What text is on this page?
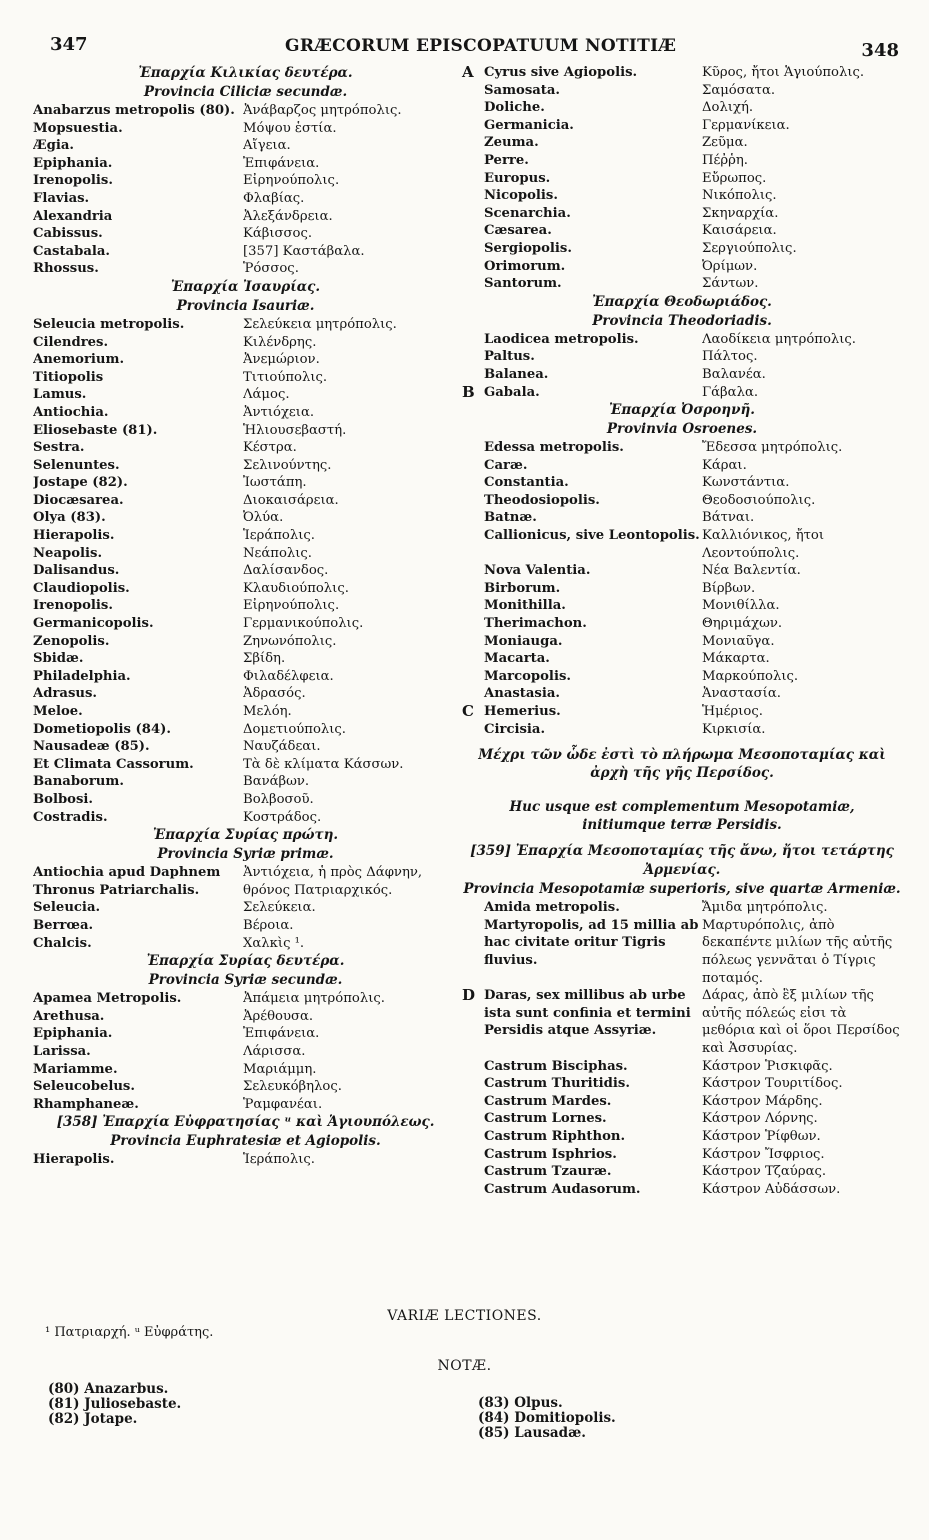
347	GRÆCORUM EPISCOPATUUM NOTITIÆ	348
Ἐπαρχία Κιλικίας δευτέρα.
Provincia Ciliciæ secundæ.
Anabarzus metropolis (80). Ἀνάβαρζος μητρόπολις.
Mopsuestia.	Μόψου ἑστία.
Ægia.	Αἴγεια.
Epiphania.	Ἐπιφάνεια.
Irenopolis.	Εἰρηνούπολις.
Flavias.	Φλαβίας.
Alexandria	Ἀλεξάνδρεια.
Cabissus.	Κάβισσος.
Castabala.	[357] Καστάβαλα.
Rhossus.	Ῥόσσος.
Ἐπαρχία Ἰσαυρίας.
Provincia Isauriæ.
Seleucia metropolis.	Σελεύκεια μητρόπολις.
Cilendres.	Κιλένδρης.
Anemorium.	Ἀνεμώριον.
Titiopolis	Τιτιούπολις.
Lamus.	Λάμος.
Antiochia.	Ἀντιόχεια.
Eliosebaste (81).	Ἡλιουσεβαστή.
Sestra.	Κέστρα.
Selenuntes.	Σελινούντης.
Jostape (82).	Ἰωστάπη.
Diocæsarea.	Διοκαισάρεια.
Olya (83).	Ὀλύα.
Hierapolis.	Ἱεράπολις.
Neapolis.	Νεάπολις.
Dalisandus.	Δαλίσανδος.
Claudiopolis.	Κλαυδιούπολις.
Irenopolis.	Εἰρηνούπολις.
Germanicopolis.	Γερμανικούπολις.
Zenopolis.	Ζηνωνόπολις.
Sbidæ.	Σβίδη.
Philadelphia.	Φιλαδέλφεια.
Adrasus.	Ἀδρασός.
Meloe.	Μελόη.
Dometiopolis (84).	Δομετιούπολις.
Nausadeæ (85).	Ναυζάδεαι.
Et Climata Cassorum.	Τὰ δὲ κλίματα Κάσσων.
Banaborum.	Βανάβων.
Bolbosi.	Βολβοσοῦ.
Costradis.	Κοστράδος.
Ἐπαρχία Συρίας πρώτη.
Provincia Syriæ primæ.
Antiochia apud Daphnem Thronus Patriarchalis.
Ἀντιόχεια, ἡ πρὸς Δάφνην, θρόνος Πατριαρχικός.
Seleucia.	Σελεύκεια.
Berrœa.	Βέροια.
Chalcis.	Χαλκὶς ¹.
Ἐπαρχία Συρίας δευτέρα.
Provincia Syriæ secundæ.
Apamea Metropolis.	Ἀπάμεια μητρόπολις.
Arethusa.	Ἀρέθουσα.
Epiphania.	Ἐπιφάνεια.
Larissa.	Λάρισσα.
Mariamme.	Μαριάμμη.
Seleucobelus.	Σελευκόβηλος.
Rhamphaneæ.	Ῥαμφανέαι.
[358] Ἐπαρχία Εὐφρατησίας ᵘ καὶ Ἁγιουπόλεως.
Provincia Euphratesiæ et Agiopolis.
Hierapolis.	Ἱεράπολις.
A Cyrus sive Agiopolis.	Κῦρος, ἤτοι Ἁγιούπολις.
Samosata.	Σαμόσατα.
Doliche.	Δολιχή.
Germanicia.	Γερμανίκεια.
Zeuma.	Ζεῦμα.
Perre.	Πέῤῥη.
Europus.	Εὔρωπος.
Nicopolis.	Νικόπολις.
Scenarchia.	Σκηναρχία.
Cæsarea.	Καισάρεια.
Sergiopolis.	Σεργιούπολις.
Orimorum.	Ὀρίμων.
Santorum.	Σάντων.
Ἐπαρχία Θεοδωριάδος.
Provincia Theodoriadis.
Laodicea metropolis.	Λαοδίκεια μητρόπολις.
Paltus.	Πάλτος.
Balanea.	Βαλανέα.
B Gabala.	Γάβαλα.
Ἐπαρχία Ὀσροηνῆ.
Provinvia Osroenes.
Edessa metropolis.	Ἔδεσσα μητρόπολις.
Caræ.	Κάραι.
Constantia.	Κωνστάντια.
Theodosiopolis.	Θεοδοσιούπολις.
Batnæ.	Βάτναι.
Callionicus, sive Leontopolis. Καλλιόνικος, ἤτοι Λεοντούπολις.
Nova Valentia.	Νέα Βαλεντία.
Birborum.	Βίρβων.
Monithilla.	Μονιθίλλα.
Therimachon.	Θηριμάχων.
Moniauga.	Μονιαῦγα.
Macarta.	Μάκαρτα.
Marcopolis.	Μαρκούπολις.
Anastasia.	Ἀναστασία.
C Hemerius.	Ἡμέριος.
Circisia.	Κιρκισία.
Μέχρι τῶν ὧδε ἐστὶ τὸ πλήρωμα Μεσοποταμίας καὶ ἀρχὴ τῆς γῆς Περσίδος.
Huc usque est complementum Mesopotamiæ, initiumque terræ Persidis.
[359] Ἐπαρχία Μεσοποταμίας τῆς ἄνω, ἤτοι τετάρτης Ἀρμενίας.
Provincia Mesopotamiæ superioris, sive quartæ Armeniæ.
Amida metropolis.	Ἄμιδα μητρόπολις.
Martyropolis, ad 15 millia ab hac civitate oritur Tigris fluvius.
Μαρτυρόπολις, ἀπὸ δεκαπέντε μιλίων τῆς αὐτῆς πόλεως γεννᾶται ὁ Τίγρις ποταμός.
D Daras, sex millibus ab urbe ista sunt confinia et termini Persidis atque Assyriæ.
Δάρας, ἀπὸ ἓξ μιλίων τῆς αὐτῆς πόλεώς εἰσι τὰ μεθόρια καὶ οἱ ὅροι Περσίδος καὶ Ἀσσυρίας.
Castrum Bisciphas.	Κάστρον Ῥισκιφᾶς.
Castrum Thuritidis.	Κάστρον Τουριτίδος.
Castrum Mardes.	Κάστρον Μάρδης.
Castrum Lornes.	Κάστρον Λόρνης.
Castrum Riphthon.	Κάστρον Ῥίφθων.
Castrum Isphrios.	Κάστρον Ἴσφριος.
Castrum Tzauræ.	Κάστρον Τζαύρας.
Castrum Audasorum.	Κάστρον Αὐδάσσων.
VARIÆ LECTIONES.
¹ Πατριαρχή. ᵘ Εὐφράτης.
NOTÆ.
(80) Anazarbus.
(81) Juliosebaste.
(82) Jotape.
(83) Olpus.
(84) Domitiopolis.
(85) Lausadæ.
